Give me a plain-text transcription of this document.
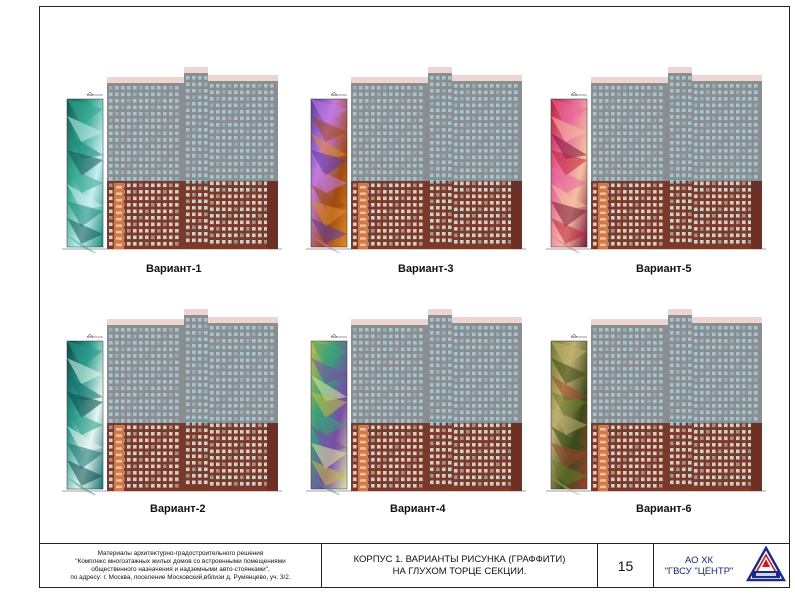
Вариант-1	Вариант-3	Вариант-5
Вариант-2	Вариант-4	Вариант-6
Материалы архитектурно-градостроительного решения
"Комплекс многоэтажных жилых домов со встроенными помещениями
общественного назначения и надземными авто-стоянками",
по адресу: г. Москва, поселение Московский,вблизи д. Румянцево, уч. 3/2.
КОРПУС 1. ВАРИАНТЫ РИСУНКА (ГРАФФИТИ)
НА ГЛУХОМ ТОРЦЕ СЕКЦИИ.	15	АО ХК
"ГВСУ "ЦЕНТР"
